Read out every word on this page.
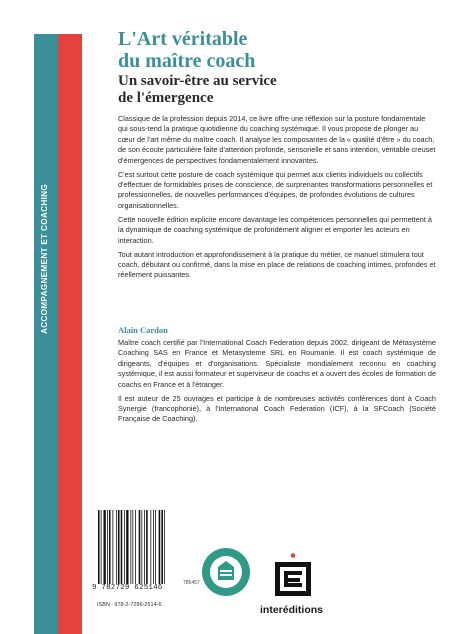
ACCOMPAGNEMENT ET COACHING
L'Art véritable
du maître coach
Un savoir-être au service
de l'émergence

Classique de la profession depuis 2014, ce livre offre une réflexion sur la posture fondamentale qui sous-tend la pratique quotidienne du coaching systémique. Il vous propose de plonger au cœur de l'art même du maître coach. Il analyse les composantes de la « qualité d'être » du coach, de son écoute particulière faite d'attention profonde, sensorielle et sans intention, véritable creuset d'émergences de perspectives fondamentalement innovantes.

C'est surtout cette posture de coach systémique qui permet aux clients individuels ou collectifs d'effectuer de formidables prises de conscience, de surprenantes transformations personnelles et professionnelles, de nouvelles performances d'équipes, de profondes évolutions de cultures organisationnelles.

Cette nouvelle édition explicite encore davantage les compétences personnelles qui permettent à la dynamique de coaching systémique de profondément aligner et emporter les acteurs en interaction.

Tout autant introduction et approfondissement à la pratique du métier, ce manuel stimulera tout coach, débutant ou confirmé, dans la mise en place de relations de coaching intimes, profondes et réellement puissantes.

Alain Cardon

Maître coach certifié par l'International Coach Federation depuis 2002, dirigeant de Métasystème Coaching SAS en France et Metasysteme SRL en Roumanie. Il est coach systémique de dirigeants, d'équipes et d'organisations. Spécialiste mondialement reconnu en coaching systémique, il est aussi formateur et superviseur de coachs et a ouvert des écoles de formation de coachs en France et à l'étranger.

Il est auteur de 25 ouvrages et participe à de nombreuses activités conférences dont à Coach Synergie (francophonie), à l'International Coach Federation (ICF), à la SFCoach (Société Française de Coaching).

9 782729 625146
785457
ISBN : 978-2-7296-2514-6	interéditions
